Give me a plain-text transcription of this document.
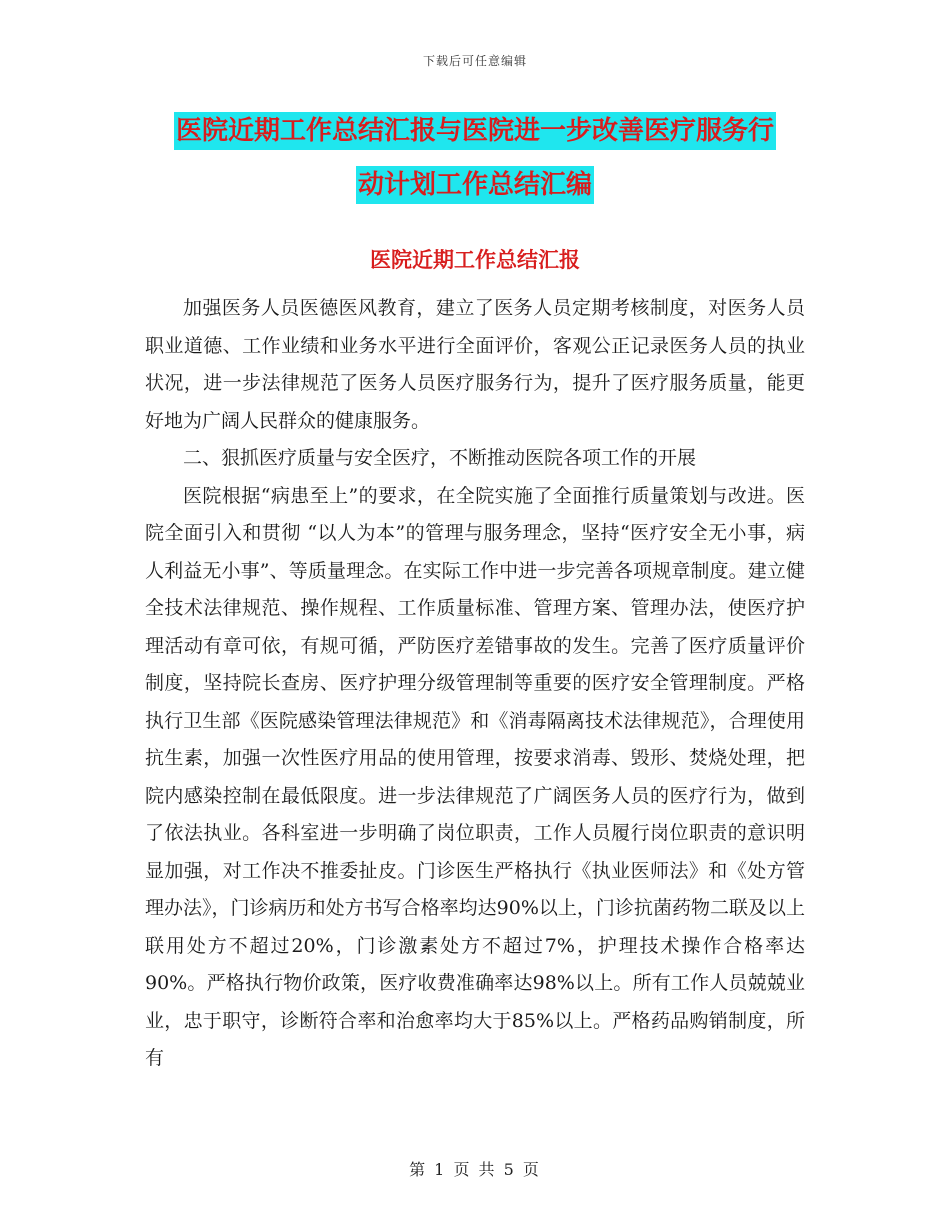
下载后可任意编辑
医院近期工作总结汇报与医院进一步改善医疗服务行
动计划工作总结汇编
医院近期工作总结汇报

加强医务人员医德医风教育，建立了医务人员定期考核制度，对医务人员职业道德、工作业绩和业务水平进行全面评价，客观公正记录医务人员的执业状况，进一步法律规范了医务人员医疗服务行为，提升了医疗服务质量，能更好地为广阔人民群众的健康服务。

二、狠抓医疗质量与安全医疗，不断推动医院各项工作的开展

医院根据“病患至上”的要求，在全院实施了全面推行质量策划与改进。医院全面引入和贯彻 “以人为本”的管理与服务理念，坚持“医疗安全无小事，病人利益无小事”、等质量理念。在实际工作中进一步完善各项规章制度。建立健全技术法律规范、操作规程、工作质量标准、管理方案、管理办法，使医疗护理活动有章可依，有规可循，严防医疗差错事故的发生。完善了医疗质量评价制度，坚持院长查房、医疗护理分级管理制等重要的医疗安全管理制度。严格执行卫生部《医院感染管理法律规范》和《消毒隔离技术法律规范》，合理使用抗生素，加强一次性医疗用品的使用管理，按要求消毒、毁形、焚烧处理，把院内感染控制在最低限度。进一步法律规范了广阔医务人员的医疗行为，做到了依法执业。各科室进一步明确了岗位职责，工作人员履行岗位职责的意识明显加强，对工作决不推委扯皮。门诊医生严格执行《执业医师法》和《处方管理办法》，门诊病历和处方书写合格率均达90%以上，门诊抗菌药物二联及以上联用处方不超过20%，门诊激素处方不超过7%，护理技术操作合格率达90%。严格执行物价政策，医疗收费准确率达98%以上。所有工作人员兢兢业业，忠于职守，诊断符合率和治愈率均大于85%以上。严格药品购销制度，所有

第 1 页 共 5 页
